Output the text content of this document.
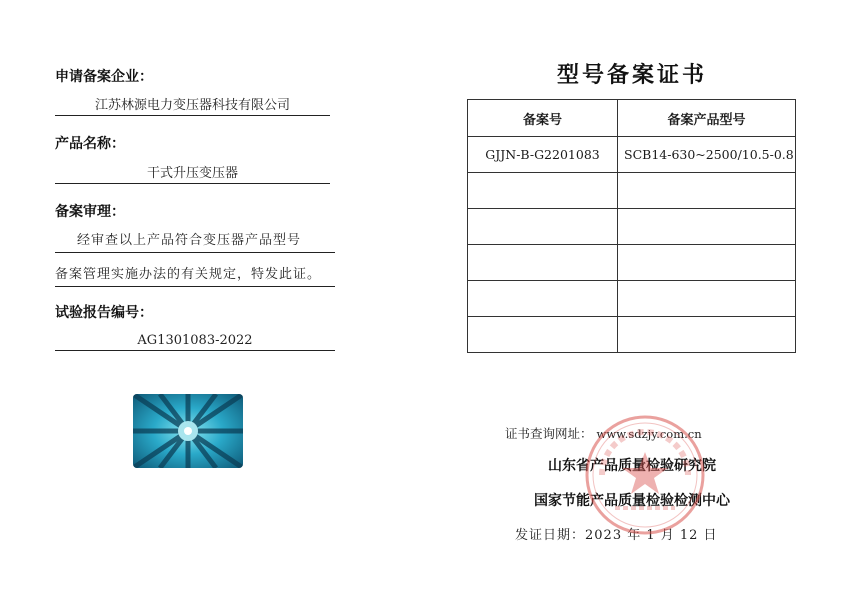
申请备案企业：
江苏林源电力变压器科技有限公司
产品名称：
干式升压变压器
备案审理：
经审查以上产品符合变压器产品型号
备案管理实施办法的有关规定，特发此证。
试验报告编号：
AG1301083-2022
型号备案证书
备案号	备案产品型号
GJJN-B-G2201083	SCB14-630~2500/10.5-0.8

证书查询网址： www.sdzjy.com.cn
山东省产品质量检验研究院
国家节能产品质量检验检测中心
发证日期：2023 年 1 月 12 日
